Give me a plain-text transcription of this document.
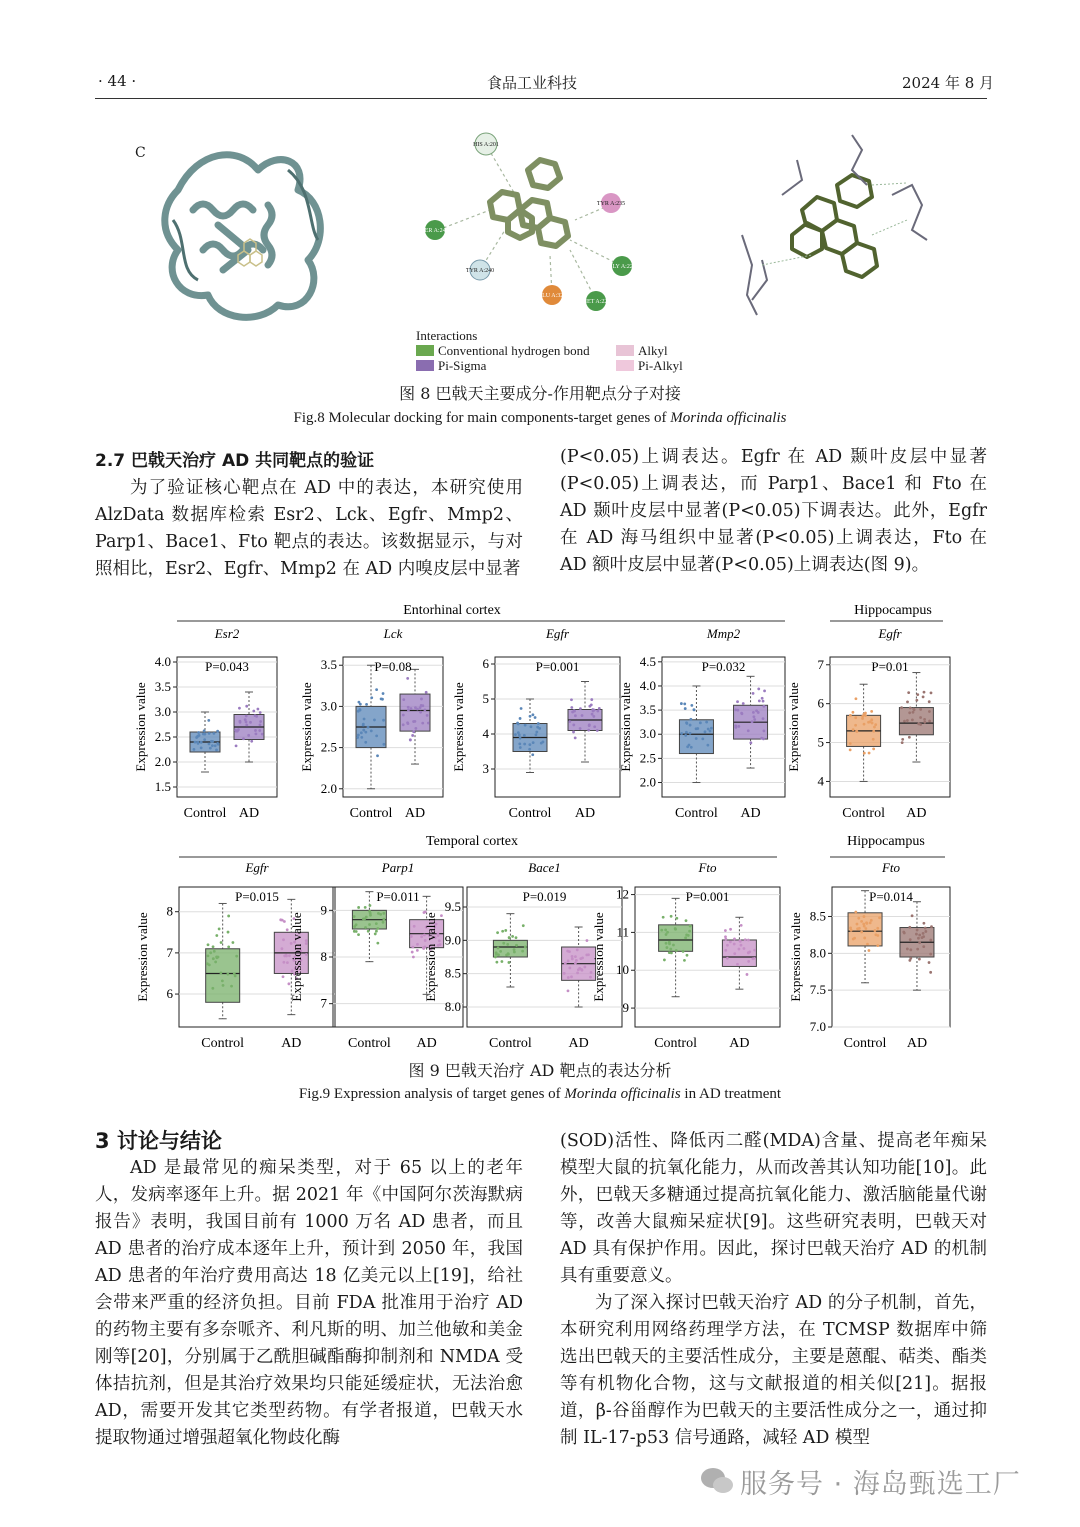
· 44 ·	食品工业科技	2024 年 8 月
C	HIS A:201
TYR A:235
SER A:241
TYR A:240
GLU A:327
MET A:226
GLY A:227
Interactions
Conventional hydrogen bond	Alkyl
Pi-Sigma	Pi-Alkyl
图 8 巴戟天主要成分-作用靶点分子对接
Fig.8 Molecular docking for main components-target genes of Morinda officinalis

2.7 巴戟天治疗 AD 共同靶点的验证

为了验证核心靶点在 AD 中的表达，本研究使用 AlzData 数据库检索 Esr2、Lck、Egfr、Mmp2、Parp1、Bace1、Fto 靶点的表达。该数据显示，与对照相比，Esr2、Egfr、Mmp2 在 AD 内嗅皮层中显著

(P<0.05)上调表达。Egfr 在 AD 颞叶皮层中显著(P<0.05)上调表达，而 Parp1、Bace1 和 Fto 在 AD 颞叶皮层中显著(P<0.05)下调表达。此外，Egfr 在 AD 海马组织中显著(P<0.05)上调表达，Fto 在 AD 额叶皮层中显著(P<0.05)上调表达(图 9)。

Entorhinal cortex	Hippocampus
Temporal cortex	Hippocampus
4.0
3.5
3.0
2.5
2.0
1.5
Expression value
Esr2
P=0.043
Control AD
3.5
3.0
2.5
2.0
Expression value
Lck
P=0.08
Control AD
6
5
4
3
Expression value
Egfr
P=0.001
Control AD
4.5
4.0
3.5
3.0
2.5
2.0
Expression value
Mmp2
P=0.032
Control AD
7
6
5
4
Expression value
Egfr
P=0.01
Control AD
8
7
6
Expression value
Egfr
P=0.015
Control	AD
9
8
7
Expression value
Parp1
P=0.011
Control AD
9.5
9.0
8.5
8.0
Expression value
Bace1
P=0.019
Control	AD
12
11
10
9
Expression value
Fto
P=0.001
Control AD
8.5
8.0
7.5
7.0
Expression value
Fto
P=0.014
Control AD
图 9 巴戟天治疗 AD 靶点的表达分析
Fig.9 Expression analysis of target genes of Morinda officinalis in AD treatment

3 讨论与结论

AD 是最常见的痴呆类型，对于 65 以上的老年人，发病率逐年上升。据 2021 年《中国阿尔茨海默病报告》表明，我国目前有 1000 万名 AD 患者，而且 AD 患者的治疗成本逐年上升，预计到 2050 年，我国 AD 患者的年治疗费用高达 18 亿美元以上[19]，给社会带来严重的经济负担。目前 FDA 批准用于治疗 AD 的药物主要有多奈哌齐、利凡斯的明、加兰他敏和美金刚等[20]，分别属于乙酰胆碱酯酶抑制剂和 NMDA 受体拮抗剂，但是其治疗效果均只能延缓症状，无法治愈 AD，需要开发其它类型药物。有学者报道，巴戟天水提取物通过增强超氧化物歧化酶

(SOD)活性、降低丙二醛(MDA)含量、提高老年痴呆模型大鼠的抗氧化能力，从而改善其认知功能[10]。此外，巴戟天多糖通过提高抗氧化能力、激活脑能量代谢等，改善大鼠痴呆症状[9]。这些研究表明，巴戟天对 AD 具有保护作用。因此，探讨巴戟天治疗 AD 的机制具有重要意义。

为了深入探讨巴戟天治疗 AD 的分子机制，首先，本研究利用网络药理学方法，在 TCMSP 数据库中筛选出巴戟天的主要活性成分，主要是蒽醌、萜类、酯类等有机物化合物，这与文献报道的相关似[21]。据报道，β-谷甾醇作为巴戟天的主要活性成分之一，通过抑制 IL-17-p53 信号通路，减轻 AD 模型

服务号 · 海岛甄选工厂
